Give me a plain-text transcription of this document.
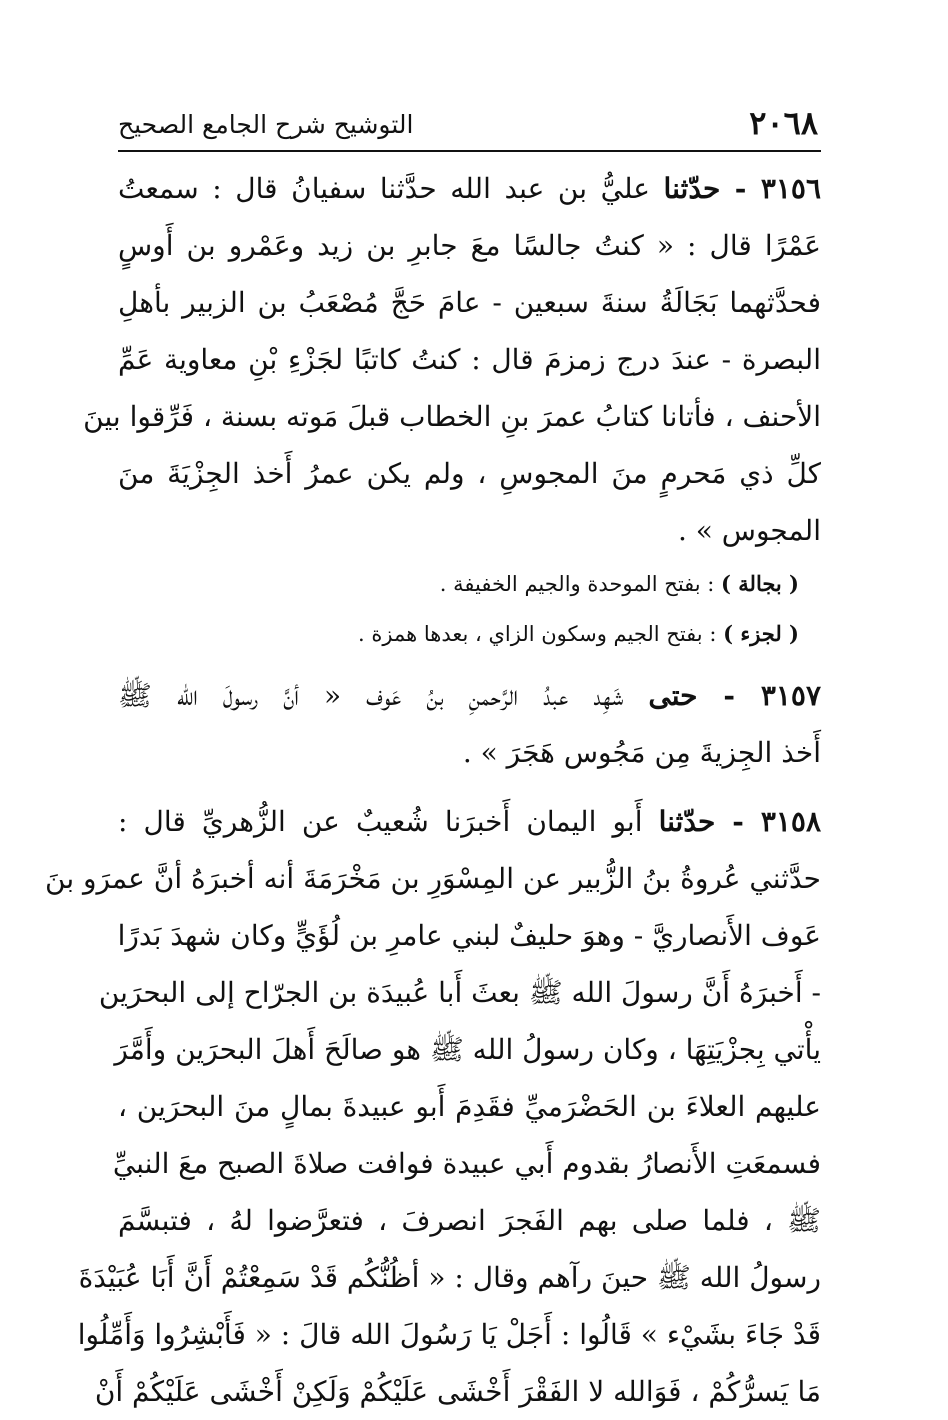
٢٠٦٨
التوشيح شرح الجامع الصحيح
٣١٥٦ - حدّثنا عليُّ بن عبد الله حدَّثنا سفيانُ قال : سمعتُ
عَمْرًا قال : « كنتُ جالسًا معَ جابرِ بن زيد وعَمْرو بن أَوسٍ
فحدَّثهما بَجَالَةُ سنةَ سبعين - عامَ حَجَّ مُصْعَبُ بن الزبير بأهلِ
البصرة - عندَ درج زمزمَ قال : كنتُ كاتبًا لجَزْءِ بْنِ معاوية عَمِّ
الأحنف ، فأتانا كتابُ عمرَ بنِ الخطاب قبلَ مَوته بسنة ، فَرِّقوا بينَ
كلِّ ذي مَحرمٍ منَ المجوسِ ، ولم يكن عمرُ أَخذ الجِزْيَةَ منَ
المجوس » .
( بجالة ) : بفتح الموحدة والجيم الخفيفة .
( لجزء ) : بفتح الجيم وسكون الزاي ، بعدها همزة .
٣١٥٧ - حتى شَهِد عبدُ الرَّحمنِ بنُ عَوف « أنَّ رسولَ الله ﷺ
أَخذ الجِزيةَ مِن مَجُوس هَجَرَ » .
٣١٥٨ - حدّثنا أَبو اليمان أَخبرَنا شُعيبٌ عن الزُّهريِّ قال :
حدَّثني عُروةُ بنُ الزُّبير عن المِسْوَرِ بن مَخْرَمَةَ أنه أخبرَهُ أنَّ عمرَو بنَ
عَوف الأَنصاريَّ - وهوَ حليفٌ لبني عامرِ بن لُؤَيٍّ وكان شهدَ بَدرًا
- أَخبرَهُ أَنَّ رسولَ الله ﷺ بعثَ أَبا عُبيدَة بن الجرّاح إلى البحرَين
يأْتي بِجزْيَتِهَا ، وكان رسولُ الله ﷺ هو صالَحَ أَهلَ البحرَين وأَمَّرَ
عليهم العلاءَ بن الحَضْرَميِّ فقَدِمَ أَبو عبيدةَ بمالٍ منَ البحرَين ،
فسمعَتِ الأَنصارُ بقدوم أَبي عبيدة فوافت صلاةَ الصبح معَ النبيِّ
ﷺ ، فلما صلى بهم الفَجرَ انصرفَ ، فتعرَّضوا لهُ ، فتبسَّمَ
رسولُ الله ﷺ حينَ رآهم وقال : « أظُنُّكُم قَدْ سَمِعْتُمْ أَنَّ أَبَا عُبَيْدَةَ
قَدْ جَاءَ بشَيْء » قَالُوا : أَجَلْ يَا رَسُولَ الله قالَ : « فَأَبْشِرُوا وَأَمِّلُوا
مَا يَسرُّكُمْ ، فَوَالله لا الفَقْرَ أَخْشَى عَلَيْكُمْ وَلَكِنْ أَخْشَى عَلَيْكُمْ أَنْ
